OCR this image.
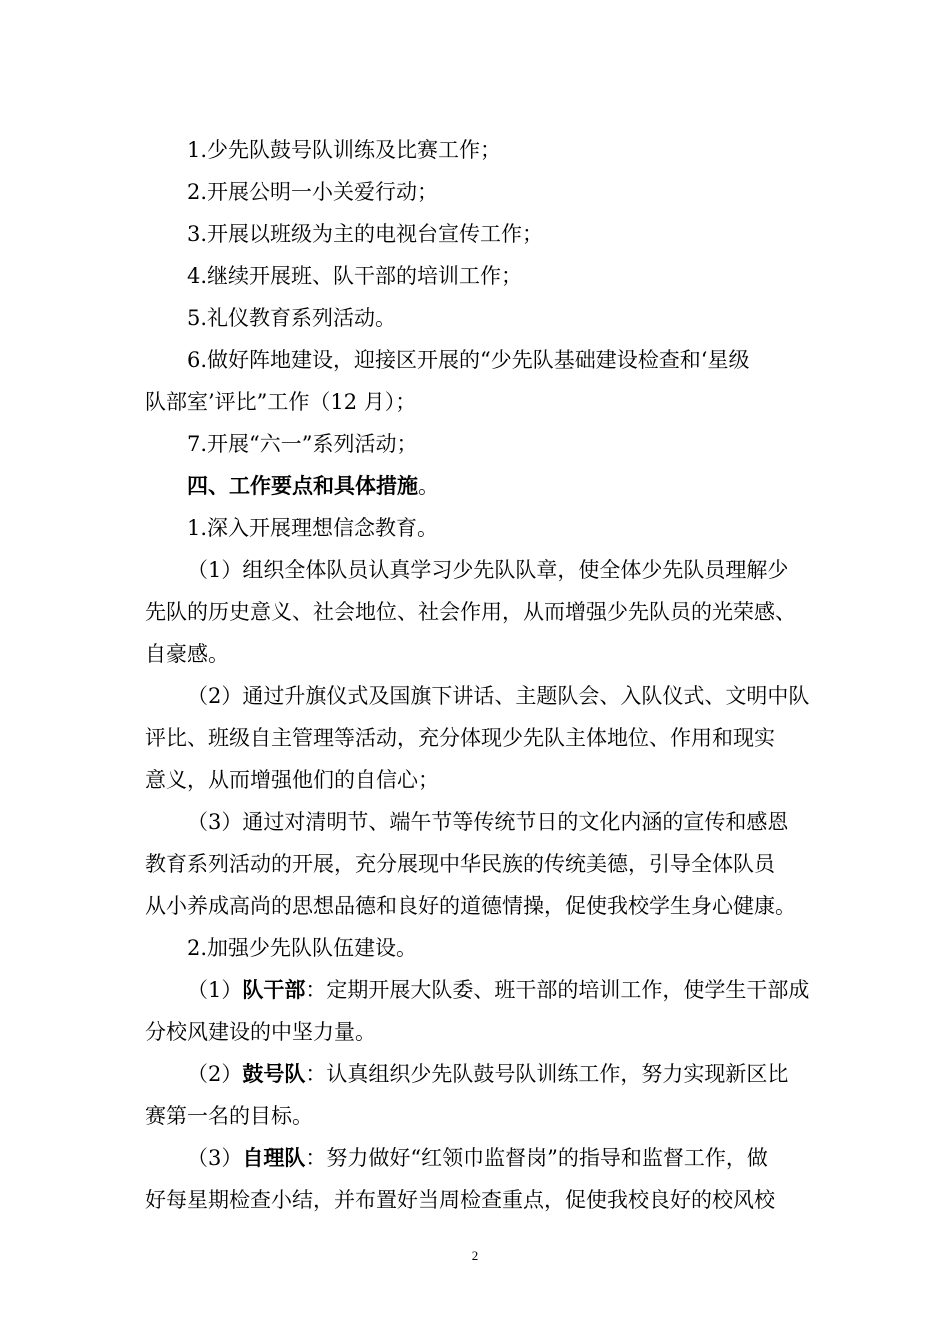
1.少先队鼓号队训练及比赛工作；
2.开展公明一小关爱行动；
3.开展以班级为主的电视台宣传工作；
4.继续开展班、队干部的培训工作；
5.礼仪教育系列活动。
6.做好阵地建设，迎接区开展的“少先队基础建设检查和‘星级
队部室’评比”工作（12 月）；
7.开展“六一”系列活动；
四、工作要点和具体措施。
1.深入开展理想信念教育。
（1）组织全体队员认真学习少先队队章，使全体少先队员理解少
先队的历史意义、社会地位、社会作用，从而增强少先队员的光荣感、
自豪感。
（2）通过升旗仪式及国旗下讲话、主题队会、入队仪式、文明中队
评比、班级自主管理等活动，充分体现少先队主体地位、作用和现实
意义，从而增强他们的自信心；
（3）通过对清明节、端午节等传统节日的文化内涵的宣传和感恩
教育系列活动的开展，充分展现中华民族的传统美德，引导全体队员
从小养成高尚的思想品德和良好的道德情操，促使我校学生身心健康。
2.加强少先队队伍建设。
（1）队干部：定期开展大队委、班干部的培训工作，使学生干部成
分校风建设的中坚力量。
（2）鼓号队：认真组织少先队鼓号队训练工作，努力实现新区比
赛第一名的目标。
（3）自理队：努力做好“红领巾监督岗”的指导和监督工作，做
好每星期检查小结，并布置好当周检查重点，促使我校良好的校风校
2
